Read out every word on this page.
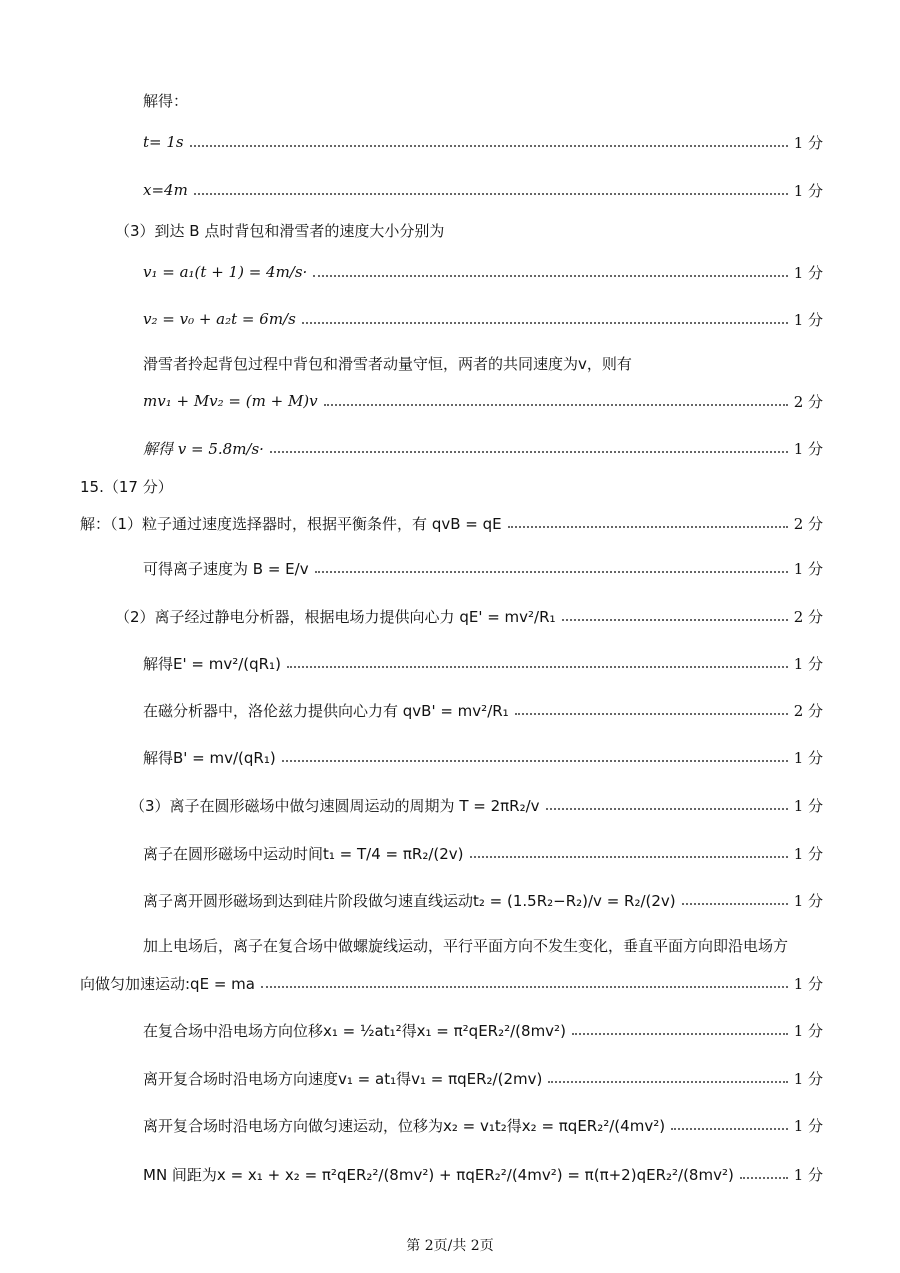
解得：
t= 1s	1 分
x=4m	1 分
（3）到达 B 点时背包和滑雪者的速度大小分别为
v₁ = a₁(t + 1) = 4m/s·	1 分
v₂ = v₀ + a₂t = 6m/s	1 分
滑雪者拎起背包过程中背包和滑雪者动量守恒，两者的共同速度为v，则有
mv₁ + Mv₂ = (m + M)v	2 分
解得 v = 5.8m/s·	1 分
15.（17 分）
解：（1）粒子通过速度选择器时，根据平衡条件，有 qvB = qE	2 分
可得离子速度为 B = E/v	1 分
（2）离子经过静电分析器，根据电场力提供向心力 qE' = mv²/R₁	2 分
解得E' = mv²/(qR₁)	1 分
在磁分析器中，洛伦兹力提供向心力有 qvB' = mv²/R₁	2 分
解得B' = mv/(qR₁)	1 分
（3）离子在圆形磁场中做匀速圆周运动的周期为 T = 2πR₂/v	1 分
离子在圆形磁场中运动时间t₁ = T/4 = πR₂/(2v)	1 分
离子离开圆形磁场到达到硅片阶段做匀速直线运动t₂ = (1.5R₂−R₂)/v = R₂/(2v)	1 分
加上电场后，离子在复合场中做螺旋线运动，平行平面方向不发生变化，垂直平面方向即沿电场方
向做匀加速运动:qE = ma	1 分
在复合场中沿电场方向位移x₁ = ½at₁²得x₁ = π²qER₂²/(8mv²)	1 分
离开复合场时沿电场方向速度v₁ = at₁得v₁ = πqER₂/(2mv)	1 分
离开复合场时沿电场方向做匀速运动，位移为x₂ = v₁t₂得x₂ = πqER₂²/(4mv²)	1 分
MN 间距为x = x₁ + x₂ = π²qER₂²/(8mv²) + πqER₂²/(4mv²) = π(π+2)qER₂²/(8mv²)	1 分
第 2页/共 2页
